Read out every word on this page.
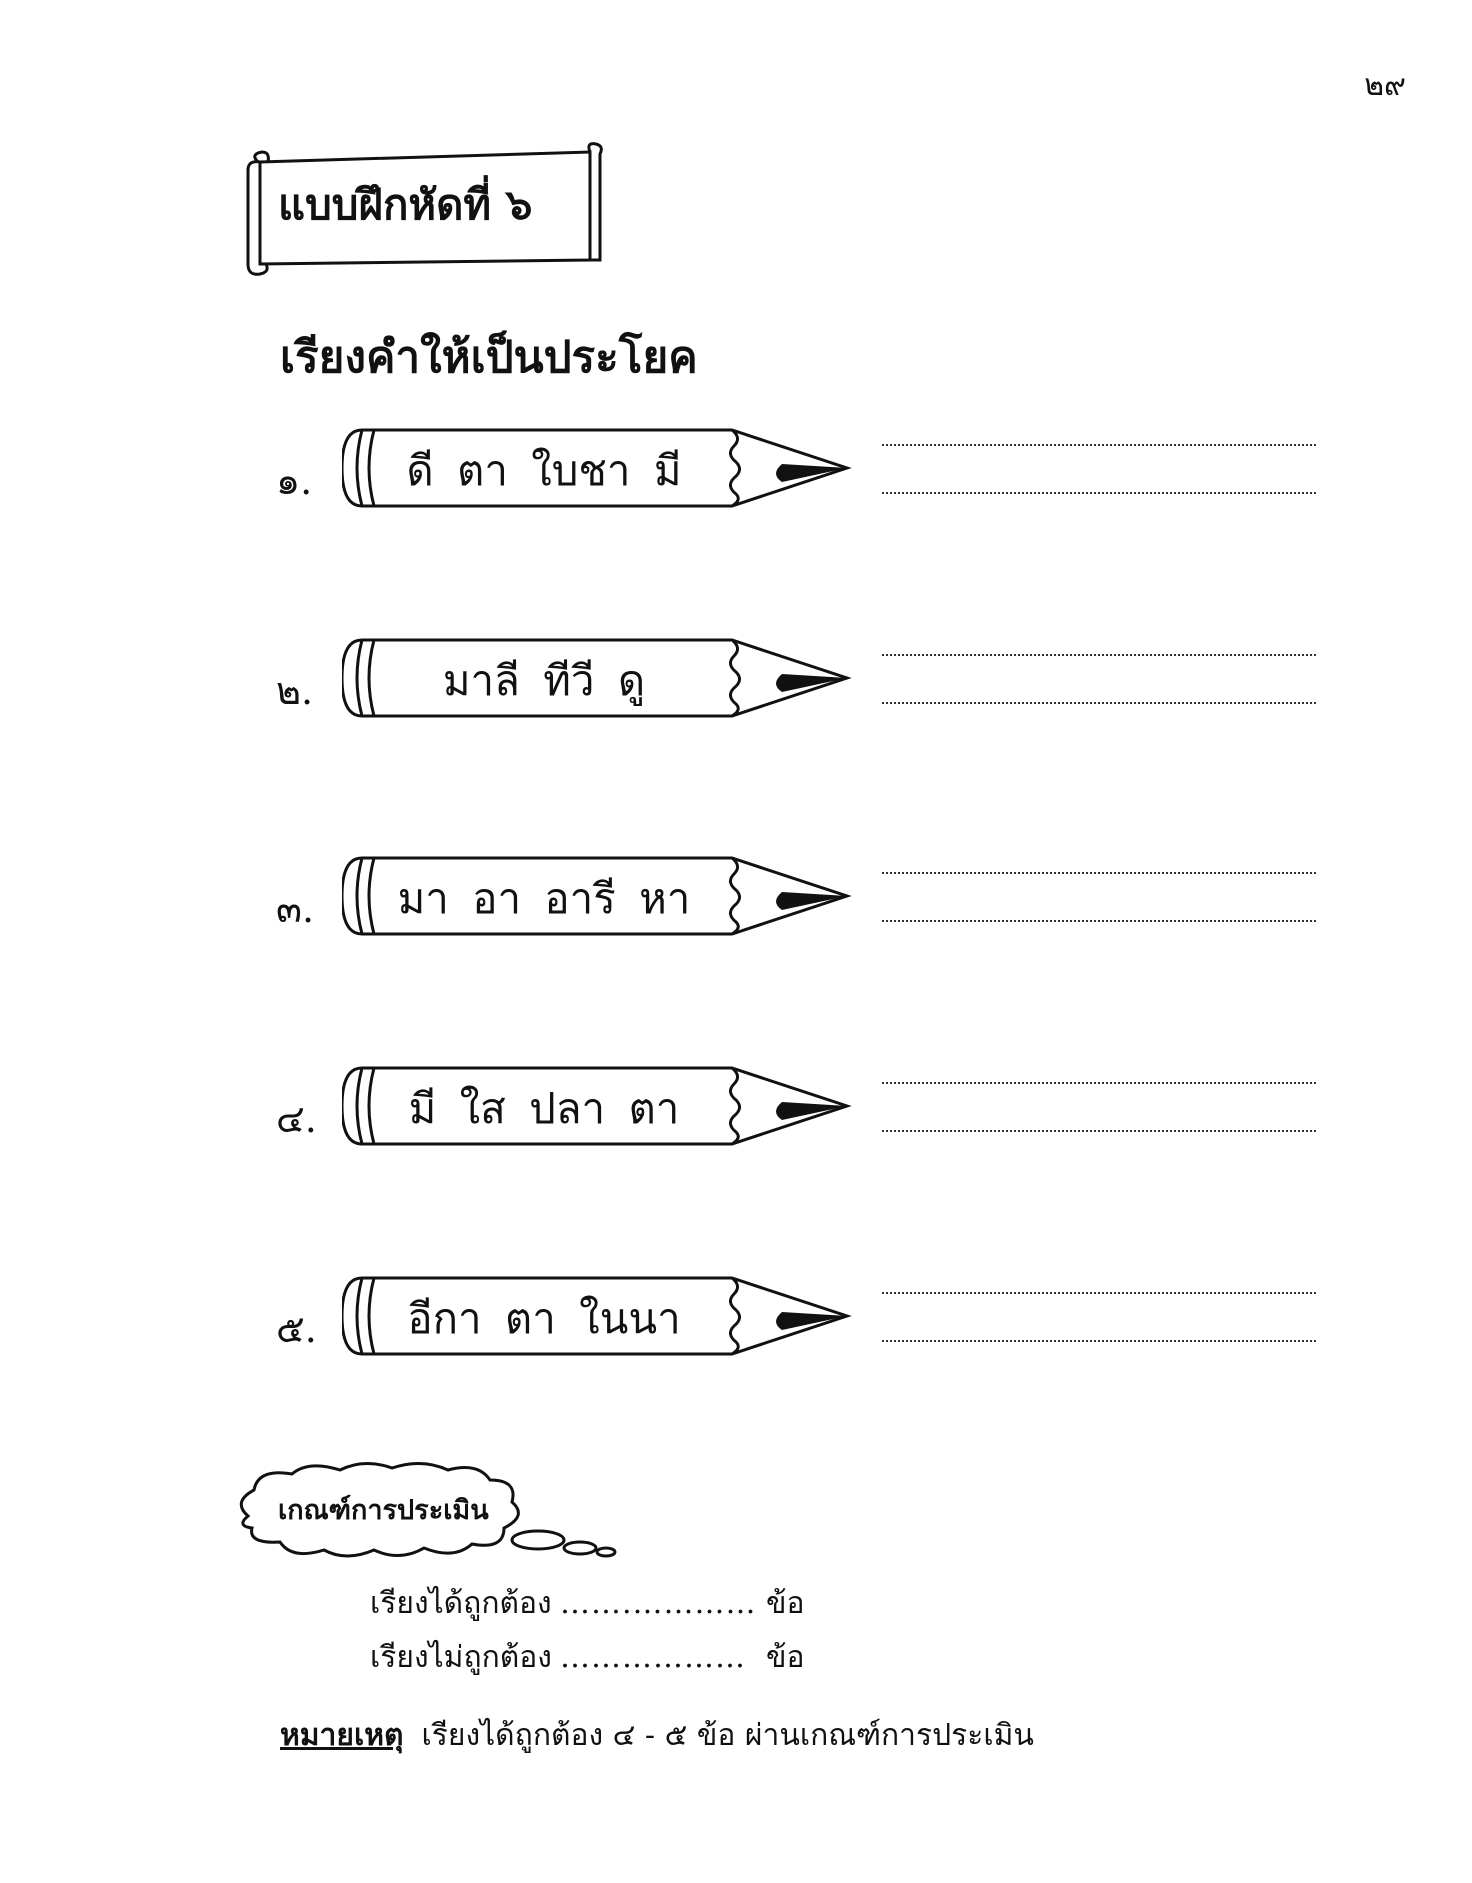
๒๙
แบบฝึกหัดที่ ๖
เรียงคำให้เป็นประโยค
๑.	ดี ตา ใบชา มี
๒.	มาลี ทีวี ดู
๓.	มา อา อารี หา
๔.	มี ใส ปลา ตา
๕.	อีกา ตา ในนา
เกณฑ์การประเมิน
เรียงได้ถูกต้อง …….………… ข้อ
เรียงไม่ถูกต้อง ……………… ข้อ
หมายเหตุ เรียงได้ถูกต้อง ๔ - ๕ ข้อ ผ่านเกณฑ์การประเมิน
